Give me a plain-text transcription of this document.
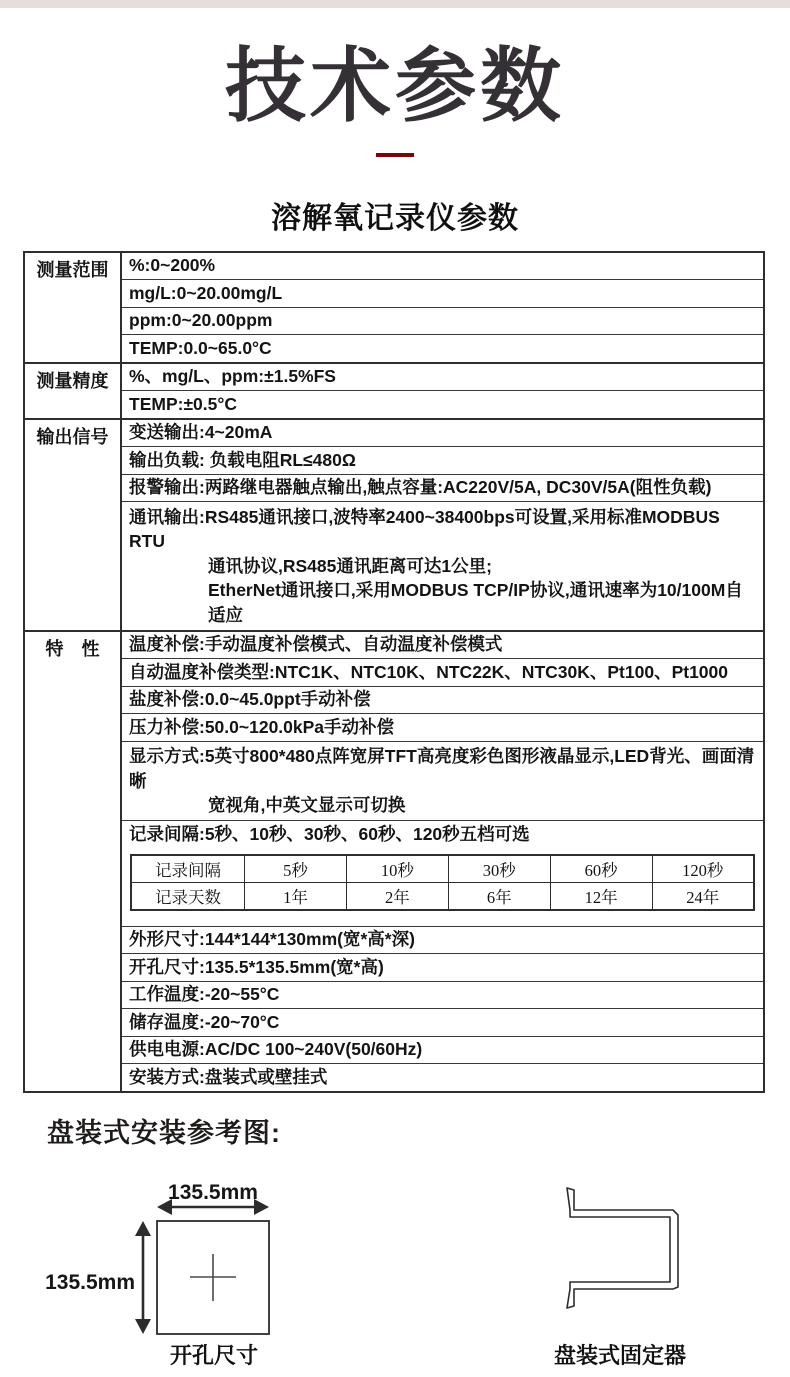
技术参数
溶解氧记录仪参数
测量范围	%:0~200%
mg/L:0~20.00mg/L
ppm:0~20.00ppm
TEMP:0.0~65.0°C
测量精度	%、mg/L、ppm:±1.5%FS
TEMP:±0.5°C
输出信号	变送输出:4~20mA
输出负载: 负载电阻RL≤480Ω
报警输出:两路继电器触点输出,触点容量:AC220V/5A, DC30V/5A(阻性负载)
通讯输出:RS485通讯接口,波特率2400~38400bps可设置,采用标准MODBUS RTU
通讯协议,RS485通讯距离可达1公里;
EtherNet通讯接口,采用MODBUS TCP/IP协议,通讯速率为10/100M自适应
特　性	温度补偿:手动温度补偿模式、自动温度补偿模式
自动温度补偿类型:NTC1K、NTC10K、NTC22K、NTC30K、Pt100、Pt1000
盐度补偿:0.0~45.0ppt手动补偿
压力补偿:50.0~120.0kPa手动补偿
显示方式:5英寸800*480点阵宽屏TFT高亮度彩色图形液晶显示,LED背光、画面清晰
宽视角,中英文显示可切换
记录间隔:5秒、10秒、30秒、60秒、120秒五档可选
记录间隔	5秒	10秒	30秒	60秒	120秒
记录天数	1年	2年	6年	12年	24年
外形尺寸:144*144*130mm(宽*高*深)
开孔尺寸:135.5*135.5mm(宽*高)
工作温度:-20~55°C
储存温度:-20~70°C
供电电源:AC/DC 100~240V(50/60Hz)
安装方式:盘装式或壁挂式
盘装式安装参考图:
135.5mm
135.5mm
开孔尺寸	盘装式固定器
